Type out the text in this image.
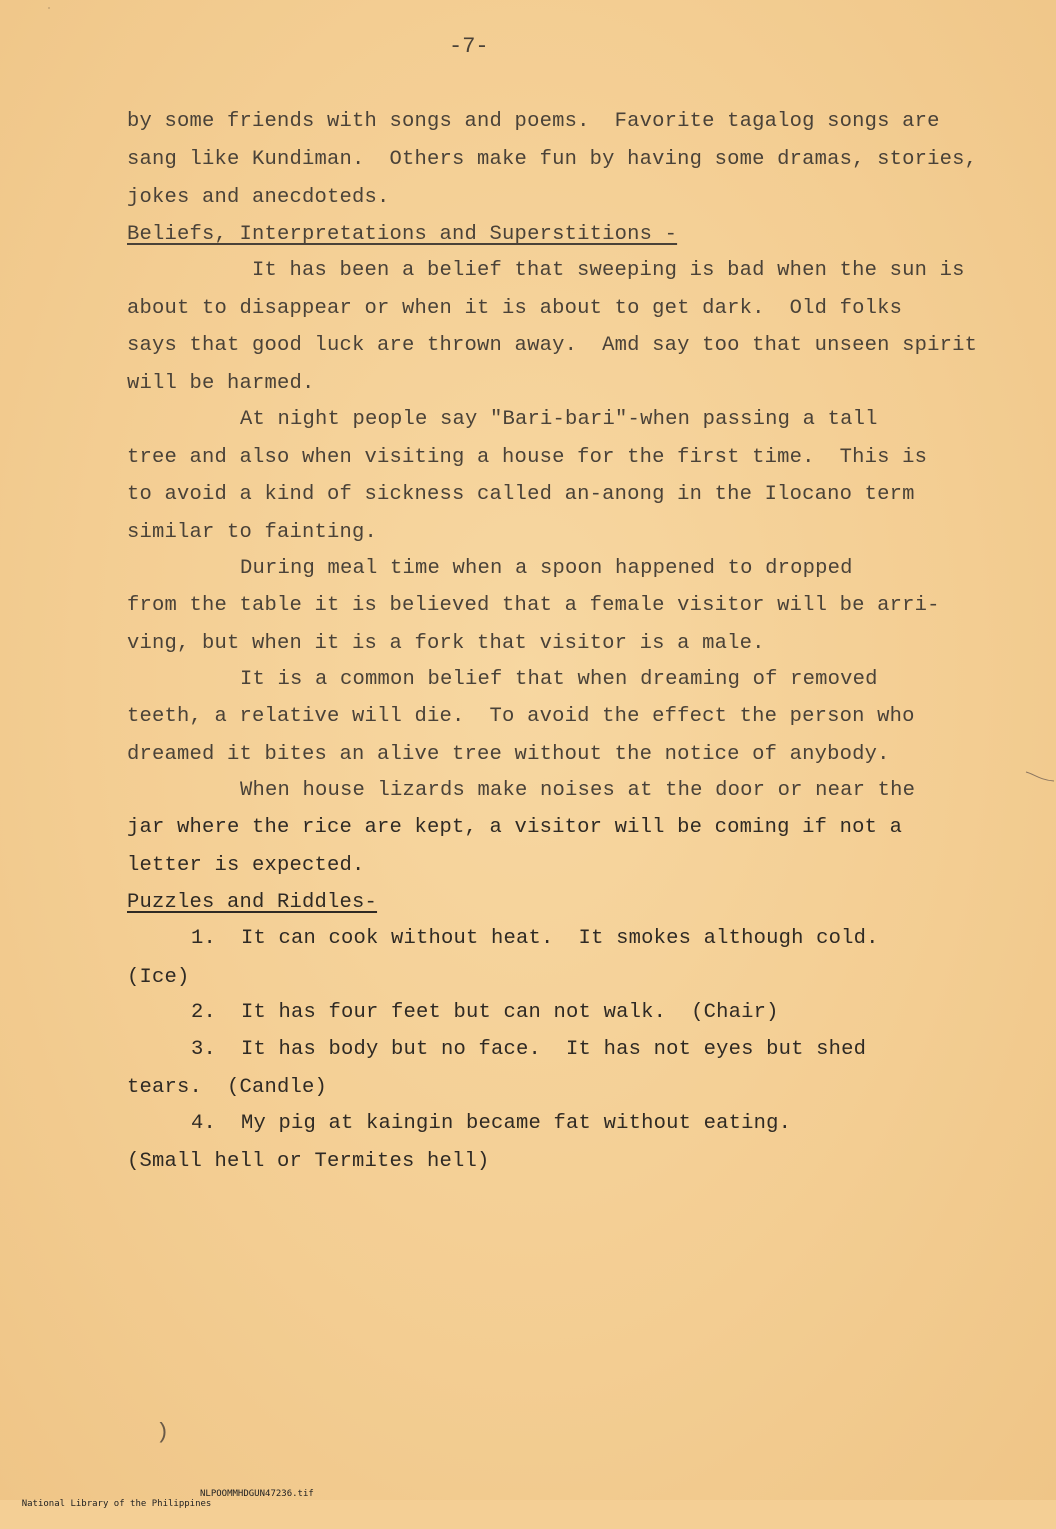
-7-
by some friends with songs and poems.  Favorite tagalog songs are
sang like Kundiman.  Others make fun by having some dramas, stories,
jokes and anecdoteds.
Beliefs, Interpretations and Superstitions -
It has been a belief that sweeping is bad when the sun is
about to disappear or when it is about to get dark.  Old folks
says that good luck are thrown away.  Amd say too that unseen spirit
will be harmed.
At night people say "Bari-bari"-when passing a tall
tree and also when visiting a house for the first time.  This is
to avoid a kind of sickness called an-anong in the Ilocano term
similar to fainting.
During meal time when a spoon happened to dropped
from the table it is believed that a female visitor will be arri-
ving, but when it is a fork that visitor is a male.
It is a common belief that when dreaming of removed
teeth, a relative will die.  To avoid the effect the person who
dreamed it bites an alive tree without the notice of anybody.
When house lizards make noises at the door or near the
jar where the rice are kept, a visitor will be coming if not a
letter is expected.
Puzzles and Riddles-
1.  It can cook without heat.  It smokes although cold.
(Ice)
2.  It has four feet but can not walk.  (Chair)
3.  It has body but no face.  It has not eyes but shed
tears.  (Candle)
4.  My pig at kaingin became fat without eating.
(Small hell or Termites hell)
˙
)

National Library of the Philippines

NLPOOMMHDGUN47236.tif
